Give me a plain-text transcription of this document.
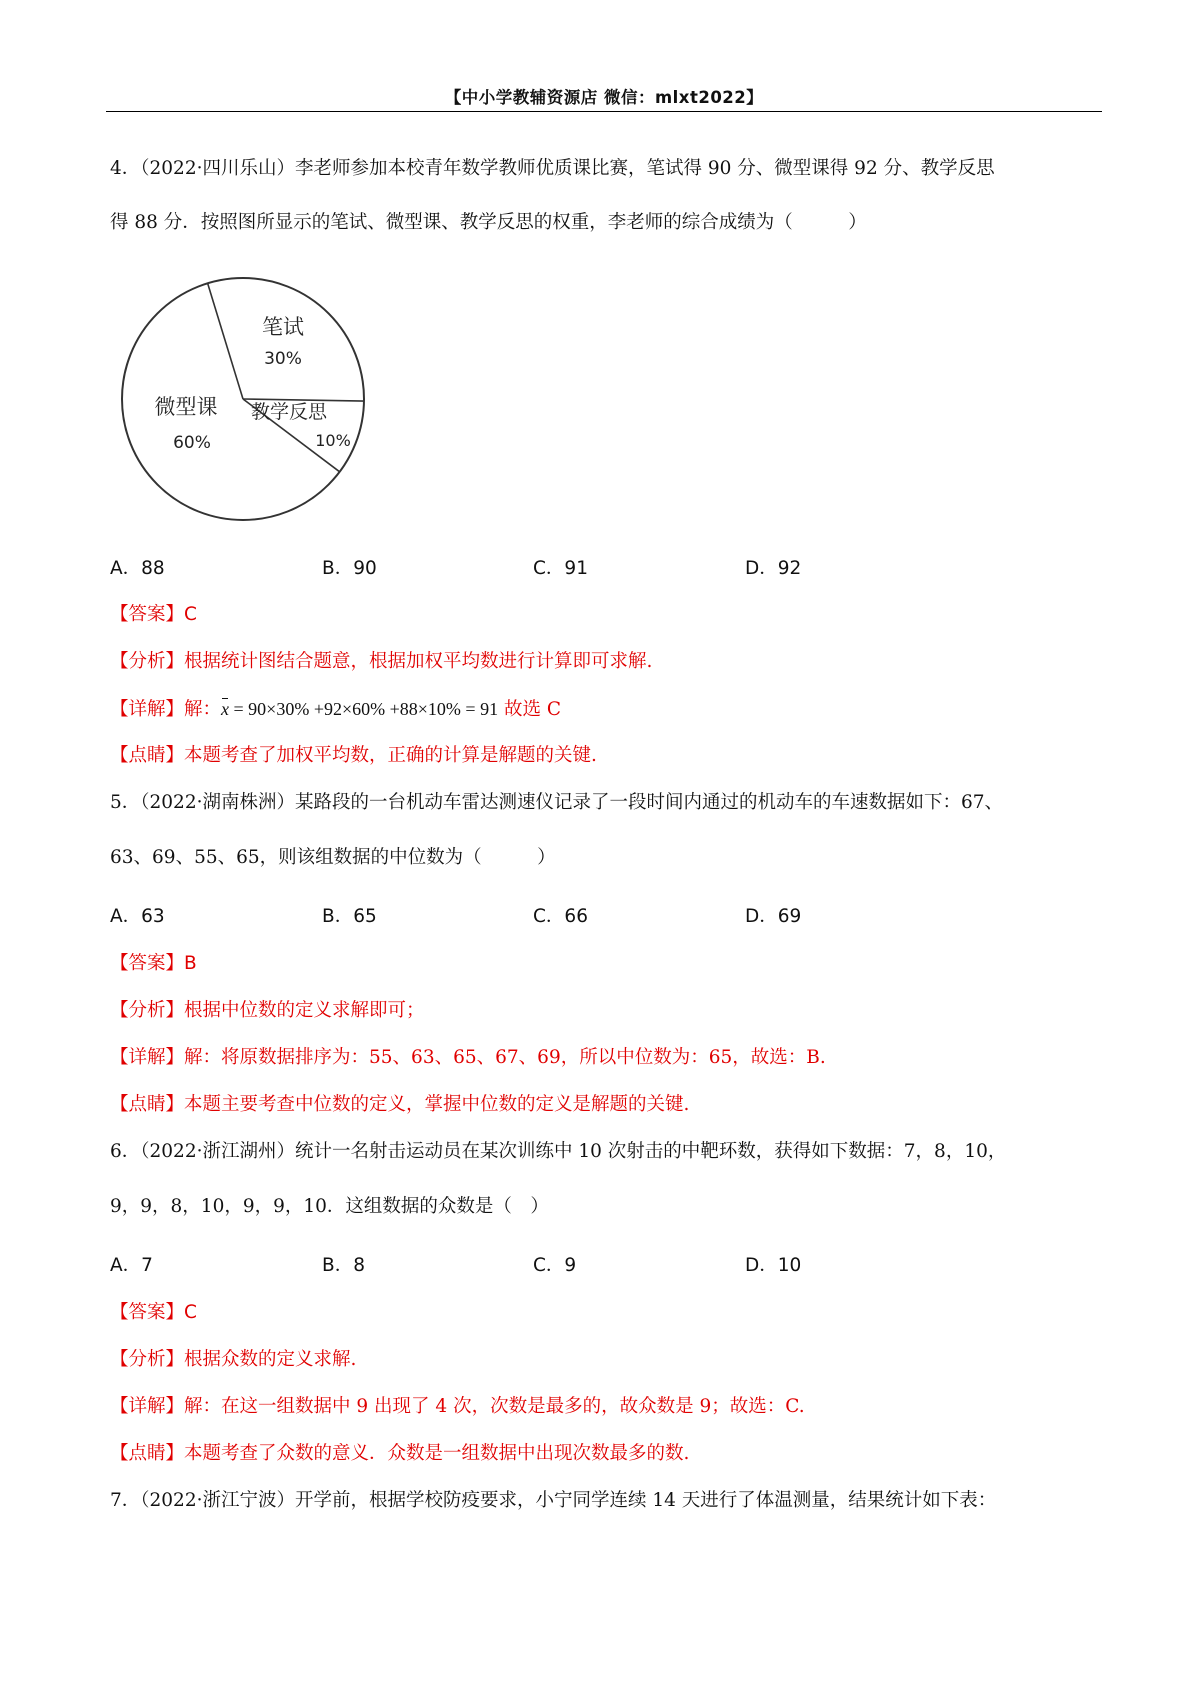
【中小学教辅资源店 微信：mlxt2022】
4．（2022·四川乐山）李老师参加本校青年数学教师优质课比赛，笔试得 90 分、微型课得 92 分、教学反思
得 88 分．按照图所显示的笔试、微型课、教学反思的权重，李老师的综合成绩为（　　　）
笔试
30%
教学反思
10%
微型课
60%
A．88	B．90	C．91	D．92
【答案】C
【分析】根据统计图结合题意，根据加权平均数进行计算即可求解.
【详解】解：
x = 90×30% +92×60% +88×10% = 91 故选 C
【点睛】本题考查了加权平均数，正确的计算是解题的关键.
5．（2022·湖南株洲）某路段的一台机动车雷达测速仪记录了一段时间内通过的机动车的车速数据如下：67、
63、69、55、65，则该组数据的中位数为（　　　）
A．63	B．65	C．66	D．69
【答案】B
【分析】根据中位数的定义求解即可；
【详解】解：将原数据排序为：55、63、65、67、69，所以中位数为：65，故选：B.
【点睛】本题主要考查中位数的定义，掌握中位数的定义是解题的关键.
6．（2022·浙江湖州）统计一名射击运动员在某次训练中 10 次射击的中靶环数，获得如下数据：7，8，10，
9，9，8，10，9，9，10．这组数据的众数是（　）
A．7	B．8	C．9	D．10
【答案】C
【分析】根据众数的定义求解.
【详解】解：在这一组数据中 9 出现了 4 次，次数是最多的，故众数是 9；故选：C.
【点睛】本题考查了众数的意义．众数是一组数据中出现次数最多的数.
7．（2022·浙江宁波）开学前，根据学校防疫要求，小宁同学连续 14 天进行了体温测量，结果统计如下表：
